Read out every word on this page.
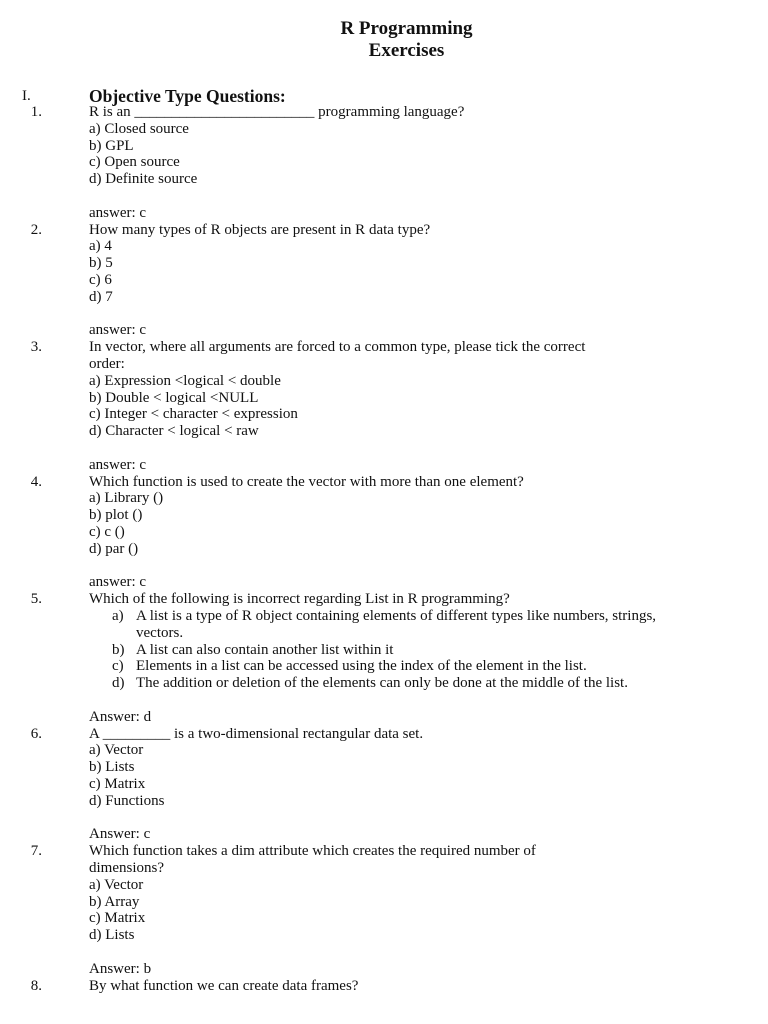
R Programming
Exercises
I.	Objective Type Questions:
1.	R is an ________________________ programming language?
a) Closed source
b) GPL
c) Open source
d) Definite source
answer: c
2.	How many types of R objects are present in R data type?
a) 4
b) 5
c) 6
d) 7
answer: c
3.	In vector, where all arguments are forced to a common type, please tick the correct
order:
a) Expression <logical < double
b) Double < logical <NULL
c) Integer < character < expression
d) Character < logical < raw
answer: c
4.	Which function is used to create the vector with more than one element?
a) Library ()
b) plot ()
c) c ()
d) par ()
answer: c
5.	Which of the following is incorrect regarding List in R programming?
a) A list is a type of R object containing elements of different types like numbers, strings,
vectors.
b) A list can also contain another list within it
c) Elements in a list can be accessed using the index of the element in the list.
d) The addition or deletion of the elements can only be done at the middle of the list.
Answer: d
6.	A _________ is a two-dimensional rectangular data set.
a) Vector
b) Lists
c) Matrix
d) Functions
Answer: c
7.	Which function takes a dim attribute which creates the required number of
dimensions?
a) Vector
b) Array
c) Matrix
d) Lists
Answer: b
8.	By what function we can create data frames?
